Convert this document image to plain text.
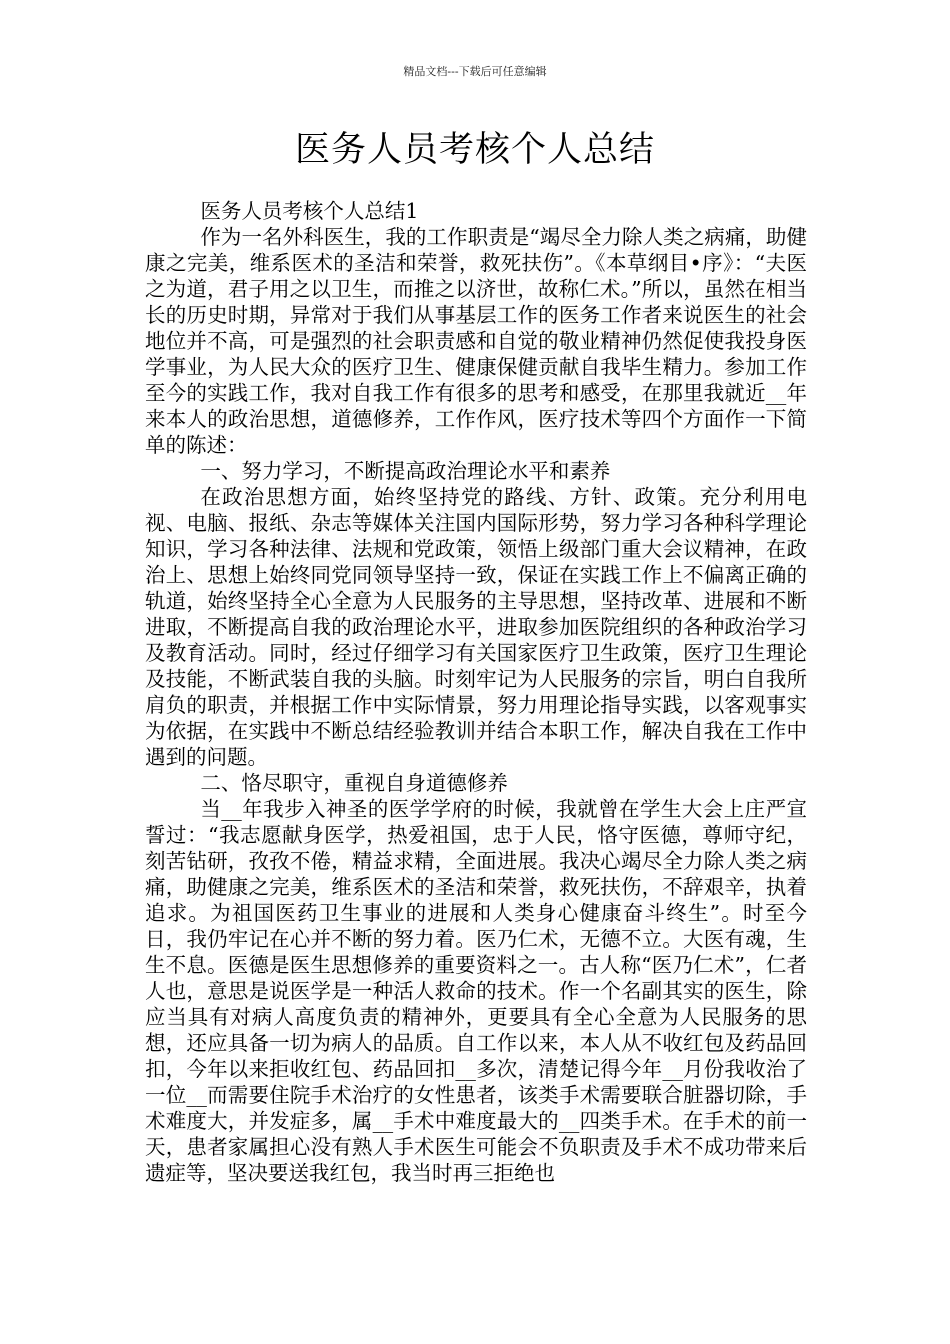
精品文档---下载后可任意编辑
医务人员考核个人总结

医务人员考核个人总结1

作为一名外科医生，我的工作职责是“竭尽全力除人类之病痛，助健康之完美，维系医术的圣洁和荣誉，救死扶伤”。《本草纲目•序》：“夫医之为道，君子用之以卫生，而推之以济世，故称仁术。”所以，虽然在相当长的历史时期，异常对于我们从事基层工作的医务工作者来说医生的社会地位并不高，可是强烈的社会职责感和自觉的敬业精神仍然促使我投身医学事业，为人民大众的医疗卫生、健康保健贡献自我毕生精力。参加工作至今的实践工作，我对自我工作有很多的思考和感受，在那里我就近__年来本人的政治思想，道德修养，工作作风，医疗技术等四个方面作一下简单的陈述：

一、努力学习，不断提高政治理论水平和素养

在政治思想方面，始终坚持党的路线、方针、政策。充分利用电视、电脑、报纸、杂志等媒体关注国内国际形势，努力学习各种科学理论知识，学习各种法律、法规和党政策，领悟上级部门重大会议精神，在政治上、思想上始终同党同领导坚持一致，保证在实践工作上不偏离正确的轨道，始终坚持全心全意为人民服务的主导思想，坚持改革、进展和不断进取，不断提高自我的政治理论水平，进取参加医院组织的各种政治学习及教育活动。同时，经过仔细学习有关国家医疗卫生政策，医疗卫生理论及技能，不断武装自我的头脑。时刻牢记为人民服务的宗旨，明白自我所肩负的职责，并根据工作中实际情景，努力用理论指导实践，以客观事实为依据，在实践中不断总结经验教训并结合本职工作，解决自我在工作中遇到的问题。

二、恪尽职守，重视自身道德修养

当__年我步入神圣的医学学府的时候，我就曾在学生大会上庄严宣誓过：“我志愿献身医学，热爱祖国，忠于人民，恪守医德，尊师守纪，刻苦钻研，孜孜不倦，精益求精，全面进展。我决心竭尽全力除人类之病痛，助健康之完美，维系医术的圣洁和荣誉，救死扶伤，不辞艰辛，执着追求。为祖国医药卫生事业的进展和人类身心健康奋斗终生”。时至今日，我仍牢记在心并不断的努力着。医乃仁术，无德不立。大医有魂，生生不息。医德是医生思想修养的重要资料之一。古人称“医乃仁术”，仁者人也，意思是说医学是一种活人救命的技术。作一个名副其实的医生，除应当具有对病人高度负责的精神外，更要具有全心全意为人民服务的思想，还应具备一切为病人的品质。自工作以来，本人从不收红包及药品回扣，今年以来拒收红包、药品回扣__多次，清楚记得今年__月份我收治了一位__而需要住院手术治疗的女性患者，该类手术需要联合脏器切除，手术难度大，并发症多，属__手术中难度最大的__四类手术。在手术的前一天，患者家属担心没有熟人手术医生可能会不负职责及手术不成功带来后遗症等，坚决要送我红包，我当时再三拒绝也
